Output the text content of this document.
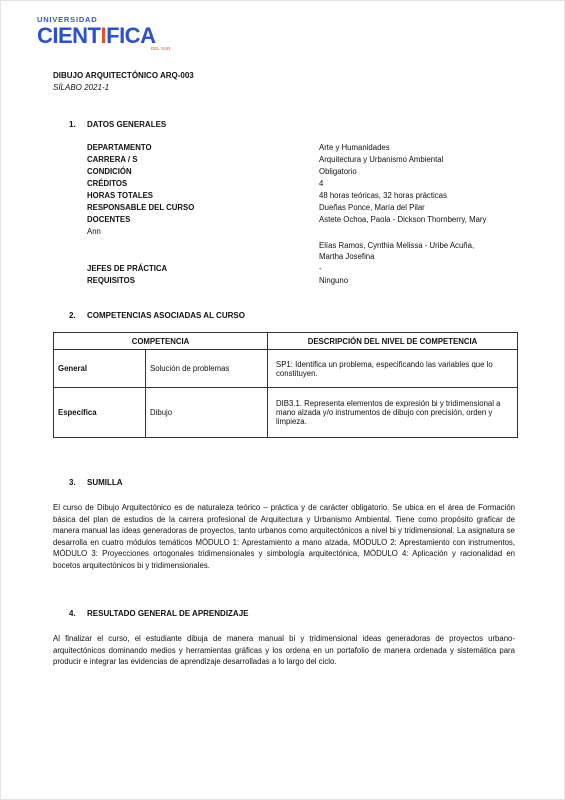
UNIVERSIDAD
CIENTIFICA
DEL SUR
DIBUJO ARQUITECTÓNICO ARQ-003
SÍLABO 2021-1
1. DATOS GENERALES
DEPARTAMENTO	Arte y Humanidades
CARRERA / S	Arquitectura y Urbanismo Ambiental
CONDICIÓN	Obligatorio
CRÉDITOS	4
HORAS TOTALES	48 horas teóricas, 32 horas prácticas
RESPONSABLE DEL CURSO	Dueñas Ponce, María del Pilar
DOCENTES	Astete Ochoa, Paola - Dickson Thornberry, Mary
Ann
Elías Ramos, Cynthia Melissa - Uribe Acuña,
Martha Josefina
JEFES DE PRÁCTICA	-
REQUISITOS	Ninguno
2. COMPETENCIAS ASOCIADAS AL CURSO
COMPETENCIA		DESCRIPCIÓN DEL NIVEL DE COMPETENCIA
General	Solución de problemas	SP1: Identifica un problema, especificando las variables que lo constituyen.
Específica	Dibujo	DIB3.1. Representa elementos de expresión bi y tridimensional a mano alzada y/o instrumentos de dibujo con precisión, orden y limpieza.
3. SUMILLA
El curso de Dibujo Arquitectónico es de naturaleza teórico – práctica y de carácter obligatorio. Se ubica en el área de Formación básica del plan de estudios de la carrera profesional de Arquitectura y Urbanismo Ambiental. Tiene como propósito graficar de manera manual las ideas generadoras de proyectos, tanto urbanos como arquitectónicos a nivel bi y tridimensional. La asignatura se desarrolla en cuatro módulos temáticos MÓDULO 1: Aprestamiento a mano alzada, MÓDULO 2: Aprestamiento con instrumentos, MÓDULO 3: Proyecciones ortogonales tridimensionales y simbología arquitectónica, MÓDULO 4: Aplicación y racionalidad en bocetos arquitectónicos bi y tridimensionales.
4. RESULTADO GENERAL DE APRENDIZAJE
Al finalizar el curso, el estudiante dibuja de manera manual bi y tridimensional ideas generadoras de proyectos urbano-arquitectónicos dominando medios y herramientas gráficas y los ordena en un portafolio de manera ordenada y sistemática para producir e integrar las evidencias de aprendizaje desarrolladas a lo largo del ciclo.
